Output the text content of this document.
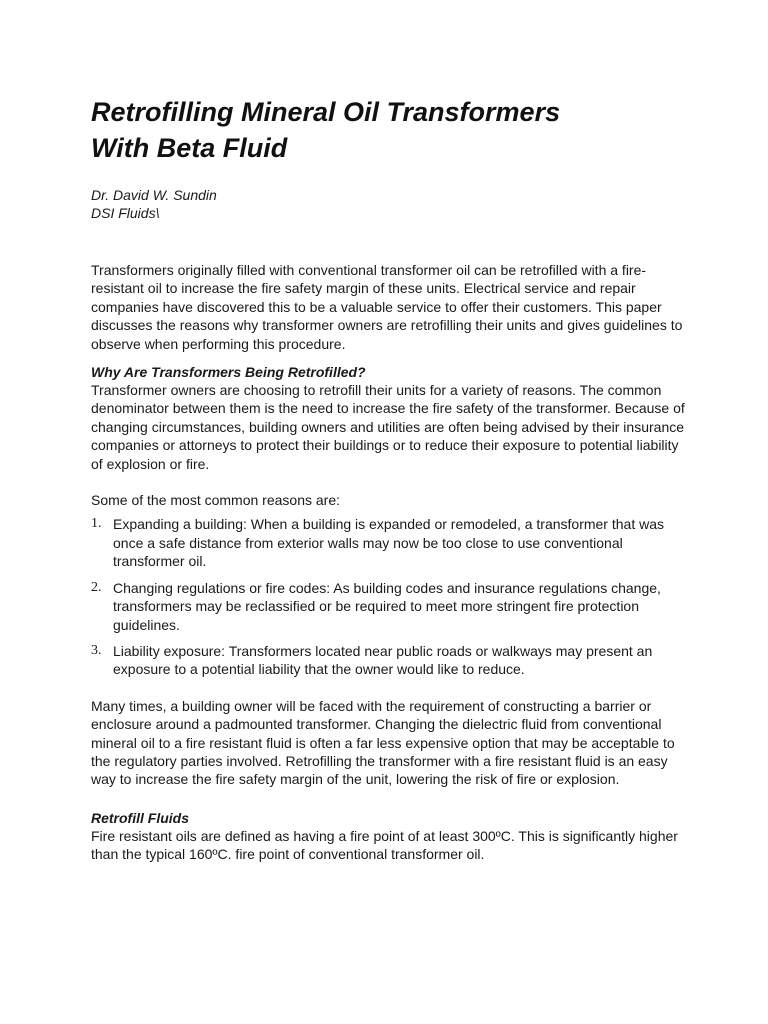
Retrofilling Mineral Oil Transformers
With Beta Fluid
Dr. David W. Sundin
DSI Fluids\

Transformers originally filled with conventional transformer oil can be retrofilled with a fire-resistant oil to increase the fire safety margin of these units. Electrical service and repair companies have discovered this to be a valuable service to offer their customers. This paper discusses the reasons why transformer owners are retrofilling their units and gives guidelines to observe when performing this procedure.

Why Are Transformers Being Retrofilled?

Transformer owners are choosing to retrofill their units for a variety of reasons. The common denominator between them is the need to increase the fire safety of the transformer. Because of changing circumstances, building owners and utilities are often being advised by their insurance companies or attorneys to protect their buildings or to reduce their exposure to potential liability of explosion or fire.

Some of the most common reasons are:

1. Expanding a building: When a building is expanded or remodeled, a transformer that was once a safe distance from exterior walls may now be too close to use conventional transformer oil.
2. Changing regulations or fire codes: As building codes and insurance regulations change, transformers may be reclassified or be required to meet more stringent fire protection guidelines.
3. Liability exposure: Transformers located near public roads or walkways may present an exposure to a potential liability that the owner would like to reduce.

Many times, a building owner will be faced with the requirement of constructing a barrier or enclosure around a padmounted transformer. Changing the dielectric fluid from conventional mineral oil to a fire resistant fluid is often a far less expensive option that may be acceptable to the regulatory parties involved. Retrofilling the transformer with a fire resistant fluid is an easy way to increase the fire safety margin of the unit, lowering the risk of fire or explosion.

Retrofill Fluids

Fire resistant oils are defined as having a fire point of at least 300ºC. This is significantly higher than the typical 160ºC. fire point of conventional transformer oil.
